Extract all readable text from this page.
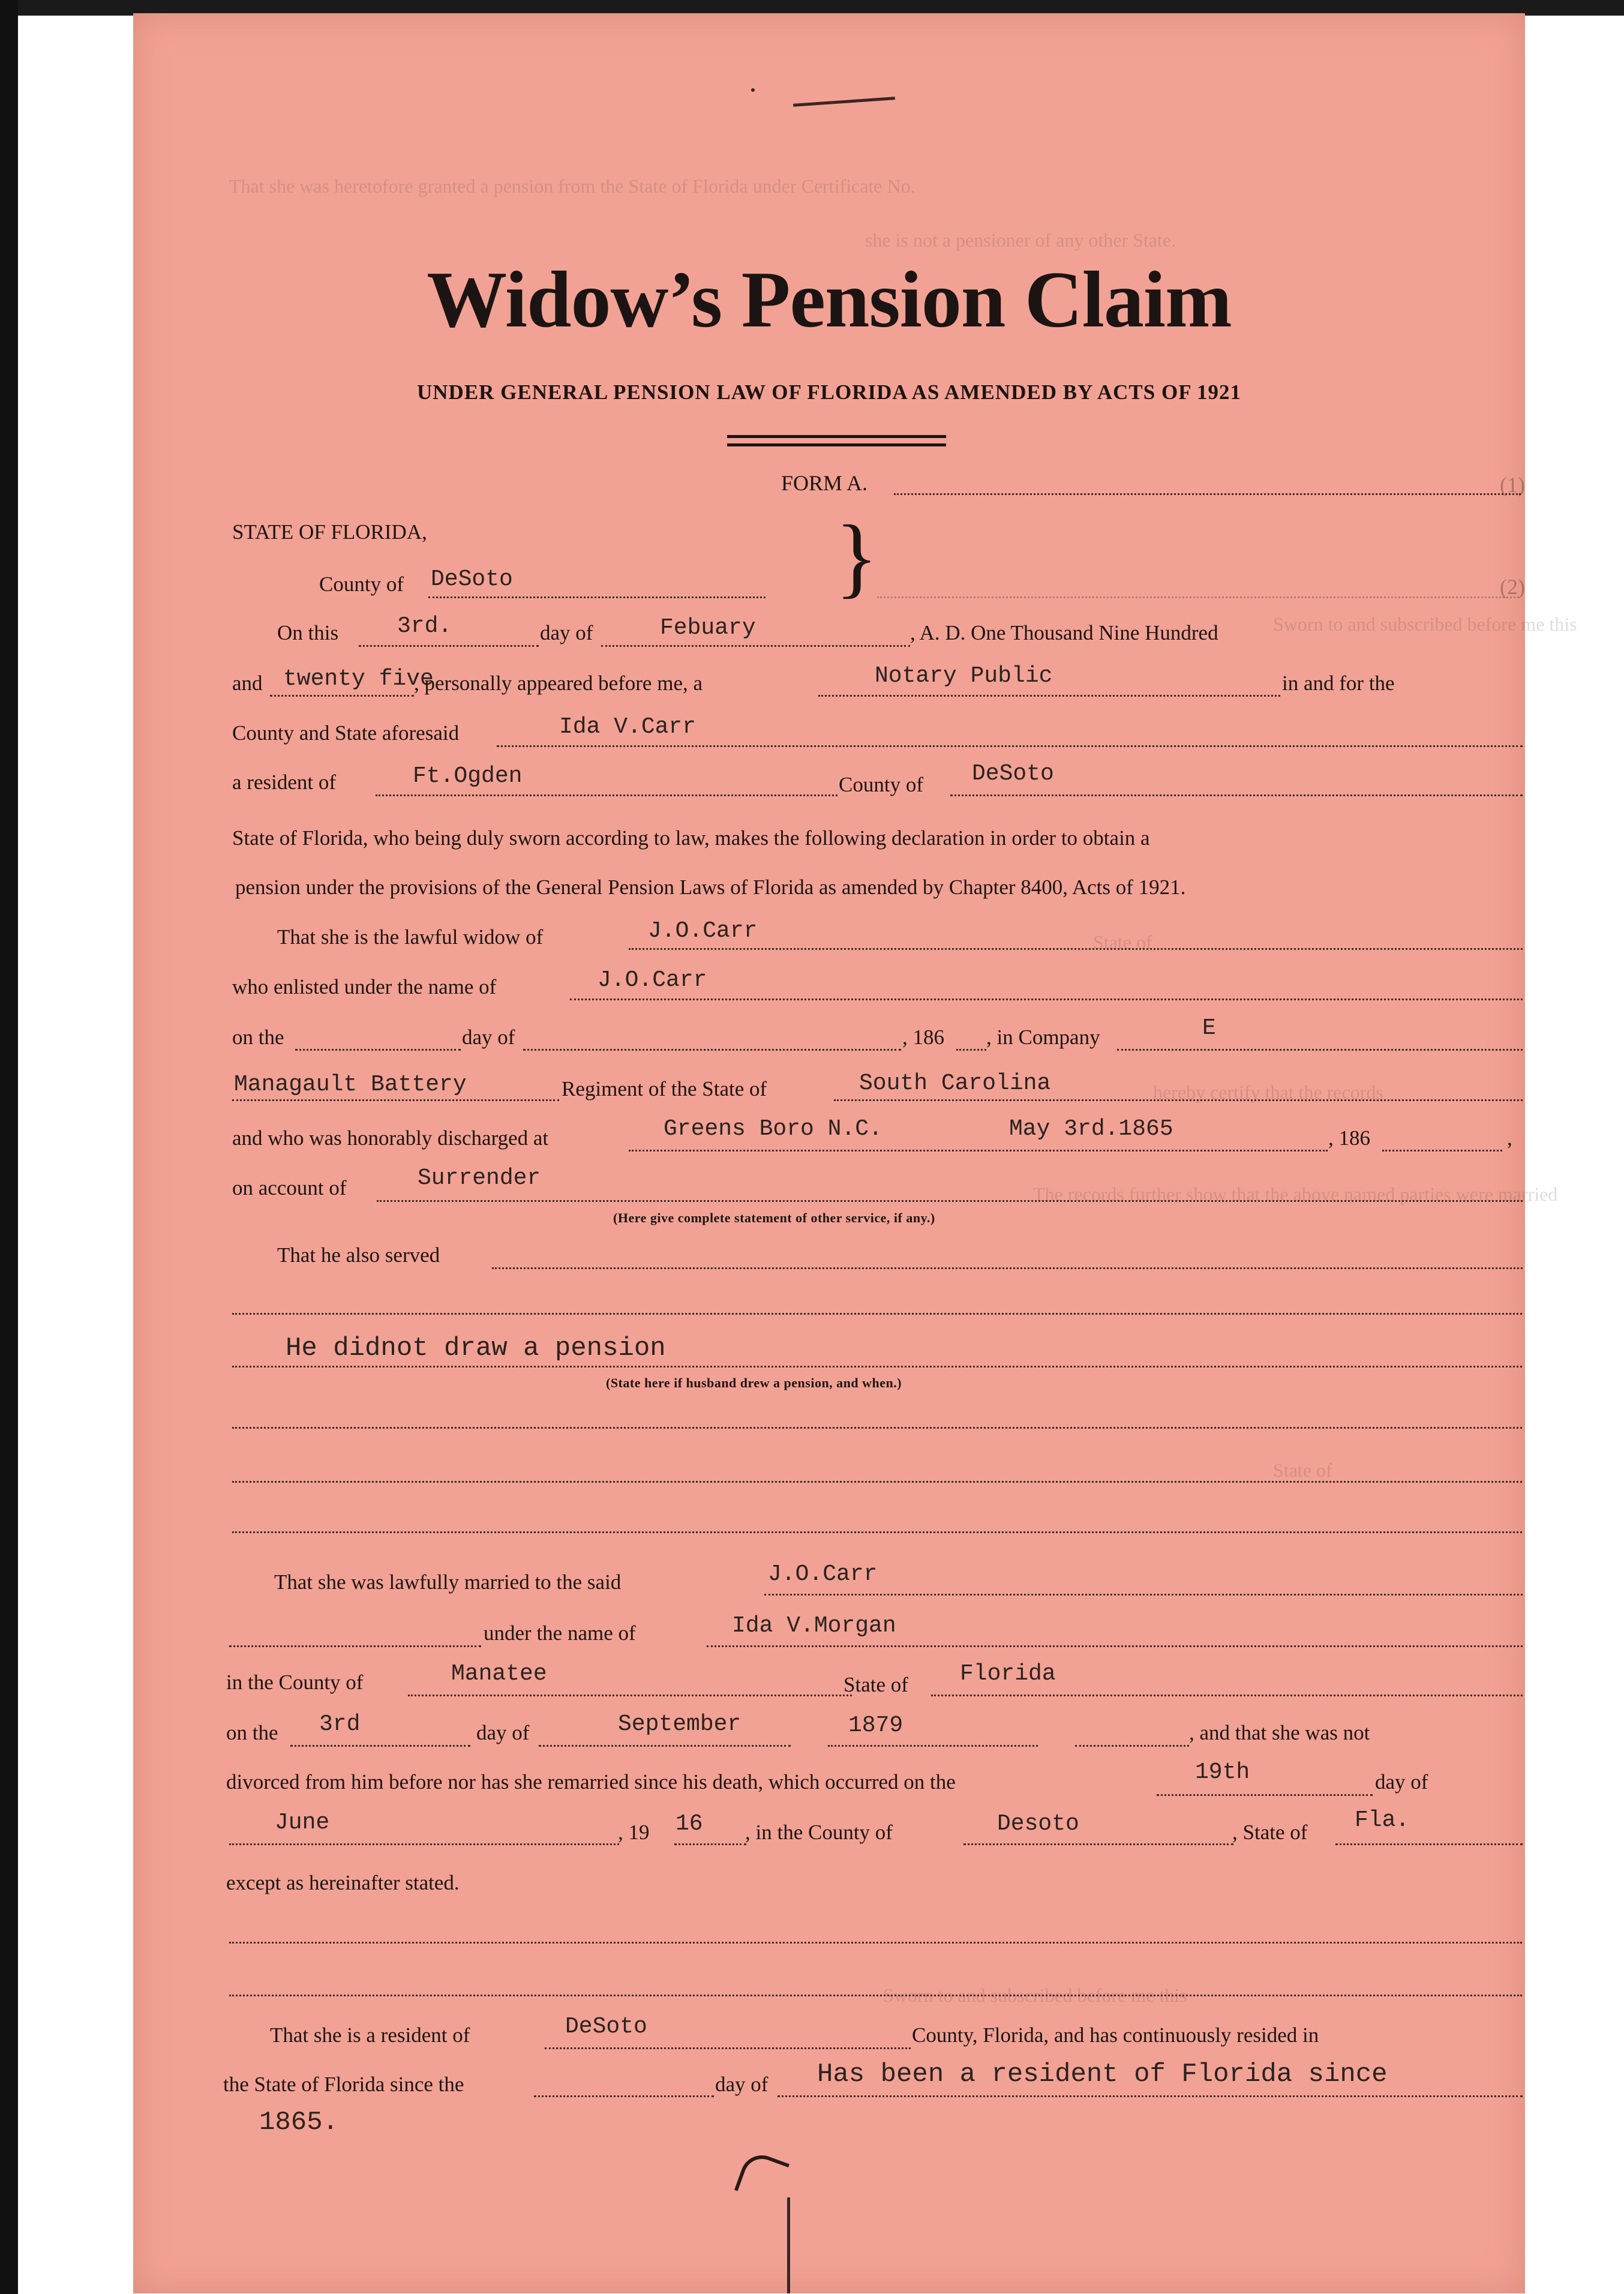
That she was heretofore granted a pension from the State of Florida under Certificate No.
she is not a pensioner of any other State.
Sworn to and subscribed before me this
State of
hereby certify that the records
The records further show that the above named parties were married
State of
Sworn to and subscribed before me this
Widow’s Pension Claim
UNDER GENERAL PENSION LAW OF FLORIDA AS AMENDED BY ACTS OF 1921
FORM A.	(1)
STATE OF FLORIDA,
County of DeSoto	}	(2)
On this	3rd.	day of	Febuary	, A. D. One Thousand Nine Hundred
and twenty five
, personally appeared before me, a	Notary Public	in and for the
County and State aforesaid	Ida V.Carr
a resident of	Ft.Ogden	County of DeSoto
State of Florida, who being duly sworn according to law, makes the following declaration in order to obtain a
pension under the provisions of the General Pension Laws of Florida as amended by Chapter 8400, Acts of 1921.
That she is the lawful widow of	J.O.Carr
who enlisted under the name of	J.O.Carr
on the	day of	, 186 , in Company	E
Managault Battery	Regiment of the State of	South Carolina
and who was honorably discharged at	Greens Boro N.C.	May 3rd.1865	, 186	,
on account of	Surrender
(Here give complete statement of other service, if any.)
That he also served
He didnot draw a pension
(State here if husband drew a pension, and when.)
That she was lawfully married to the said	J.O.Carr
under the name of	Ida V.Morgan
in the County of	Manatee	State of Florida
on the 3rd	day of	September	1879	, and that she was not
divorced from him before nor has she remarried since his death, which occurred on the	19th	day of
June	, 19 16 , in the County of	Desoto	, State of Fla.
except as hereinafter stated.
That she is a resident of	DeSoto	County, Florida, and has continuously resided in
the State of Florida since the	day of Has been a resident of Florida since
1865.
